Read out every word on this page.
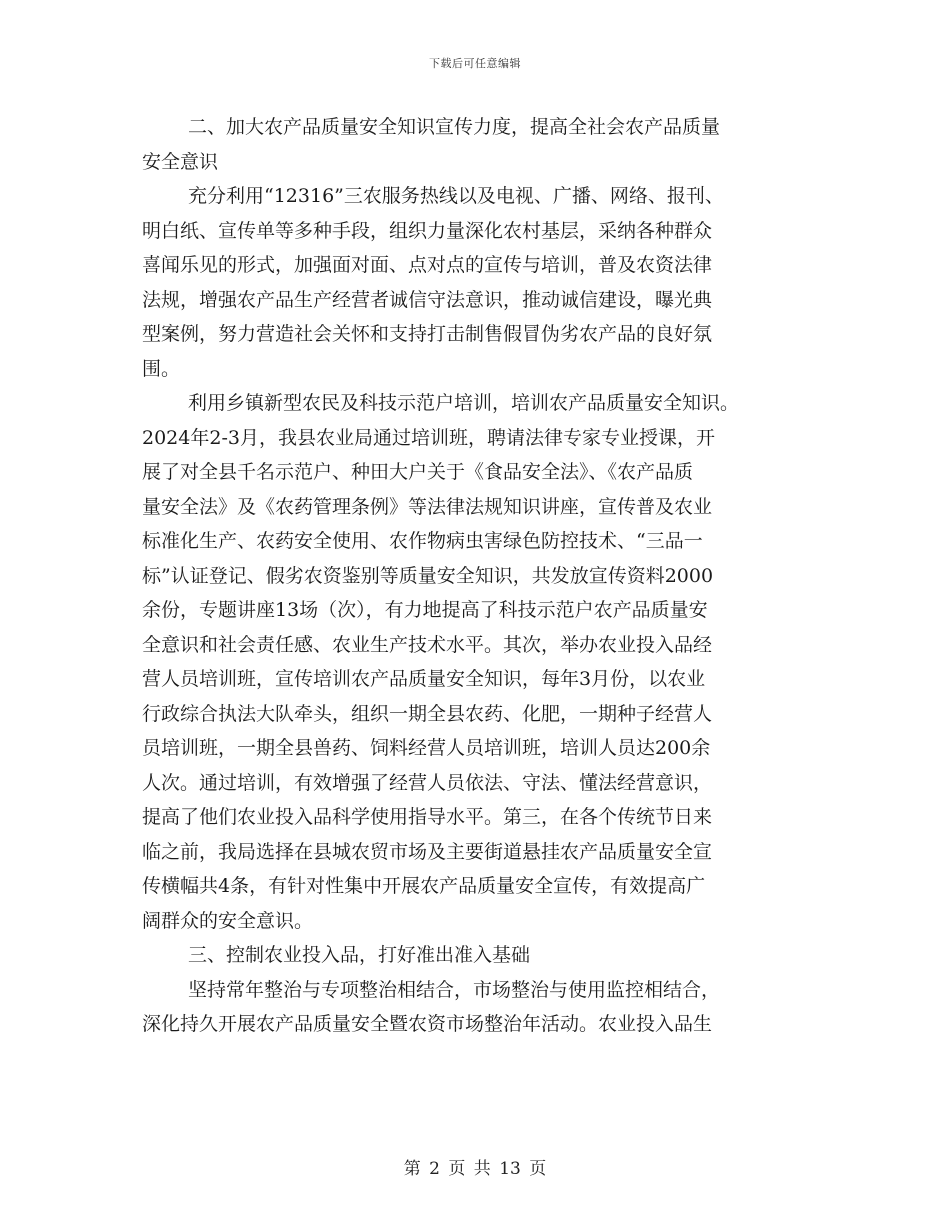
下载后可任意编辑
二、加大农产品质量安全知识宣传力度，提高全社会农产品质量
安全意识
充分利用“12316”三农服务热线以及电视、广播、网络、报刊、
明白纸、宣传单等多种手段，组织力量深化农村基层，采纳各种群众
喜闻乐见的形式，加强面对面、点对点的宣传与培训，普及农资法律
法规，增强农产品生产经营者诚信守法意识，推动诚信建设，曝光典
型案例，努力营造社会关怀和支持打击制售假冒伪劣农产品的良好氛
围。
利用乡镇新型农民及科技示范户培训，培训农产品质量安全知识。
2024年2-3月，我县农业局通过培训班，聘请法律专家专业授课，开
展了对全县千名示范户、种田大户关于《食品安全法》、《农产品质
量安全法》及《农药管理条例》等法律法规知识讲座，宣传普及农业
标准化生产、农药安全使用、农作物病虫害绿色防控技术、“三品一
标”认证登记、假劣农资鉴别等质量安全知识，共发放宣传资料2000
余份，专题讲座13场（次），有力地提高了科技示范户农产品质量安
全意识和社会责任感、农业生产技术水平。其次，举办农业投入品经
营人员培训班，宣传培训农产品质量安全知识，每年3月份，以农业
行政综合执法大队牵头，组织一期全县农药、化肥，一期种子经营人
员培训班，一期全县兽药、饲料经营人员培训班，培训人员达200余
人次。通过培训，有效增强了经营人员依法、守法、懂法经营意识，
提高了他们农业投入品科学使用指导水平。第三，在各个传统节日来
临之前，我局选择在县城农贸市场及主要街道悬挂农产品质量安全宣
传横幅共4条，有针对性集中开展农产品质量安全宣传，有效提高广
阔群众的安全意识。
三、控制农业投入品，打好准出准入基础
坚持常年整治与专项整治相结合，市场整治与使用监控相结合，
深化持久开展农产品质量安全暨农资市场整治年活动。农业投入品生
第 2 页 共 13 页
